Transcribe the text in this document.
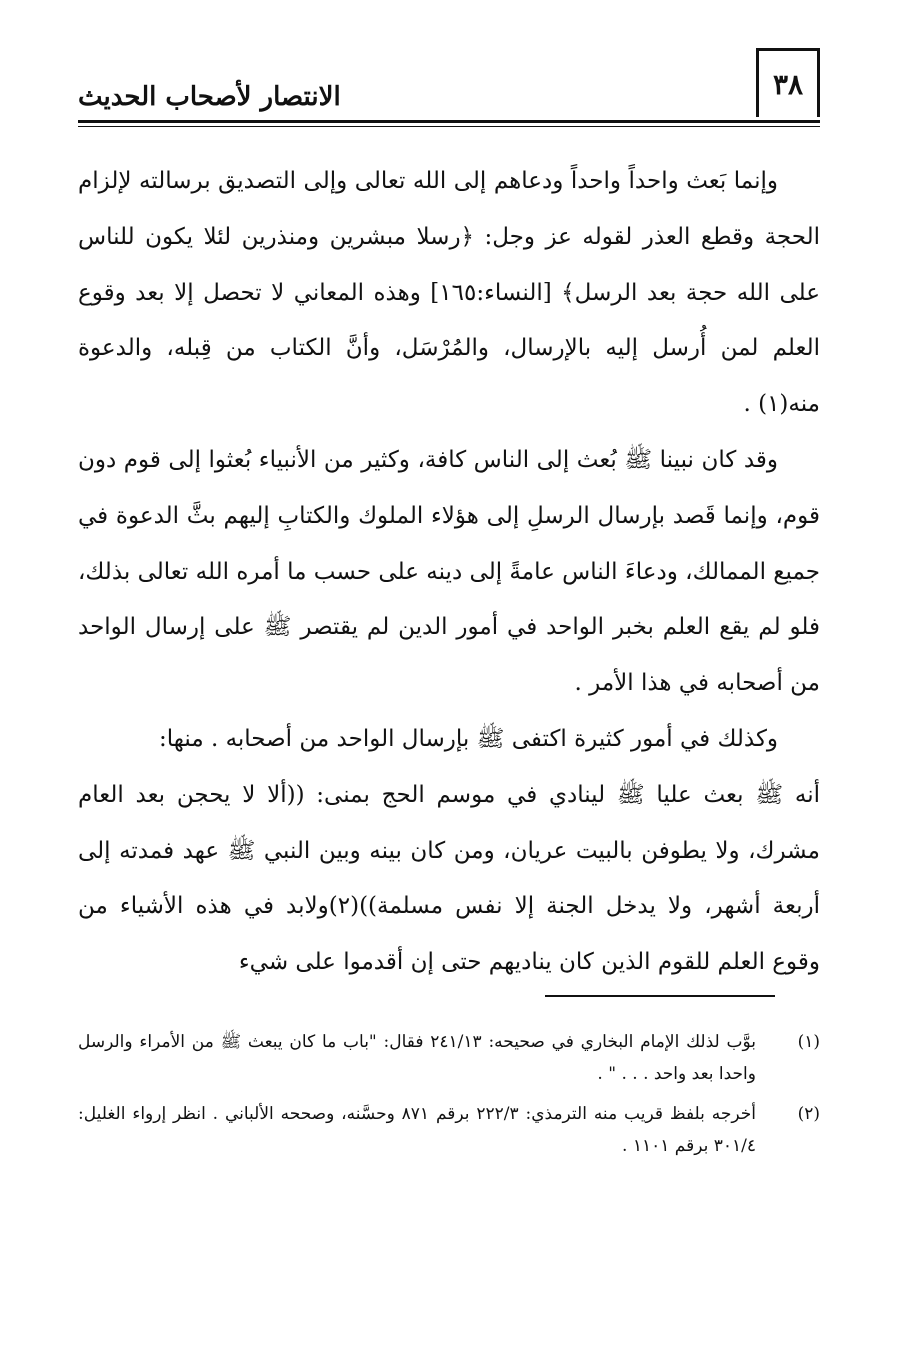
٣٨
الانتصار لأصحاب الحديث

وإنما بَعث واحداً واحداً ودعاهم إلى الله تعالى وإلى التصديق برسالته لإلزام الحجة وقطع العذر لقوله عز وجل: ﴿رسلا مبشرين ومنذرين لئلا يكون للناس على الله حجة بعد الرسل﴾ [النساء:١٦٥] وهذه المعاني لا تحصل إلا بعد وقوع العلم لمن أُرسل إليه بالإرسال، والمُرْسَل، وأنَّ الكتاب من قِبله، والدعوة منه(١) .

وقد كان نبينا ﷺ بُعث إلى الناس كافة، وكثير من الأنبياء بُعثوا إلى قوم دون قوم، وإنما قَصد بإرسال الرسلِ إلى هؤلاء الملوك والكتابِ إليهم بثَّ الدعوة في جميع الممالك، ودعاءَ الناس عامةً إلى دينه على حسب ما أمره الله تعالى بذلك، فلو لم يقع العلم بخبر الواحد في أمور الدين لم يقتصر ﷺ على إرسال الواحد من أصحابه في هذا الأمر .

وكذلك في أمور كثيرة اكتفى ﷺ بإرسال الواحد من أصحابه . منها:

أنه ﷺ بعث عليا ﷺ لينادي في موسم الحج بمنى: ((ألا لا يحجن بعد العام مشرك، ولا يطوفن بالبيت عريان، ومن كان بينه وبين النبي ﷺ عهد فمدته إلى أربعة أشهر، ولا يدخل الجنة إلا نفس مسلمة))(٢)ولابد في هذه الأشياء من وقوع العلم للقوم الذين كان يناديهم حتى إن أقدموا على شيء

(١)
بوَّب لذلك الإمام البخاري في صحيحه: ٢٤١/١٣ فقال: "باب ما كان يبعث ﷺ من الأمراء والرسل واحدا بعد واحد . . . " .
(٢)
أخرجه بلفظ قريب منه الترمذي: ٢٢٢/٣ برقم ٨٧١ وحسَّنه، وصححه الألباني . انظر إرواء الغليل: ٣٠١/٤ برقم ١١٠١ .
